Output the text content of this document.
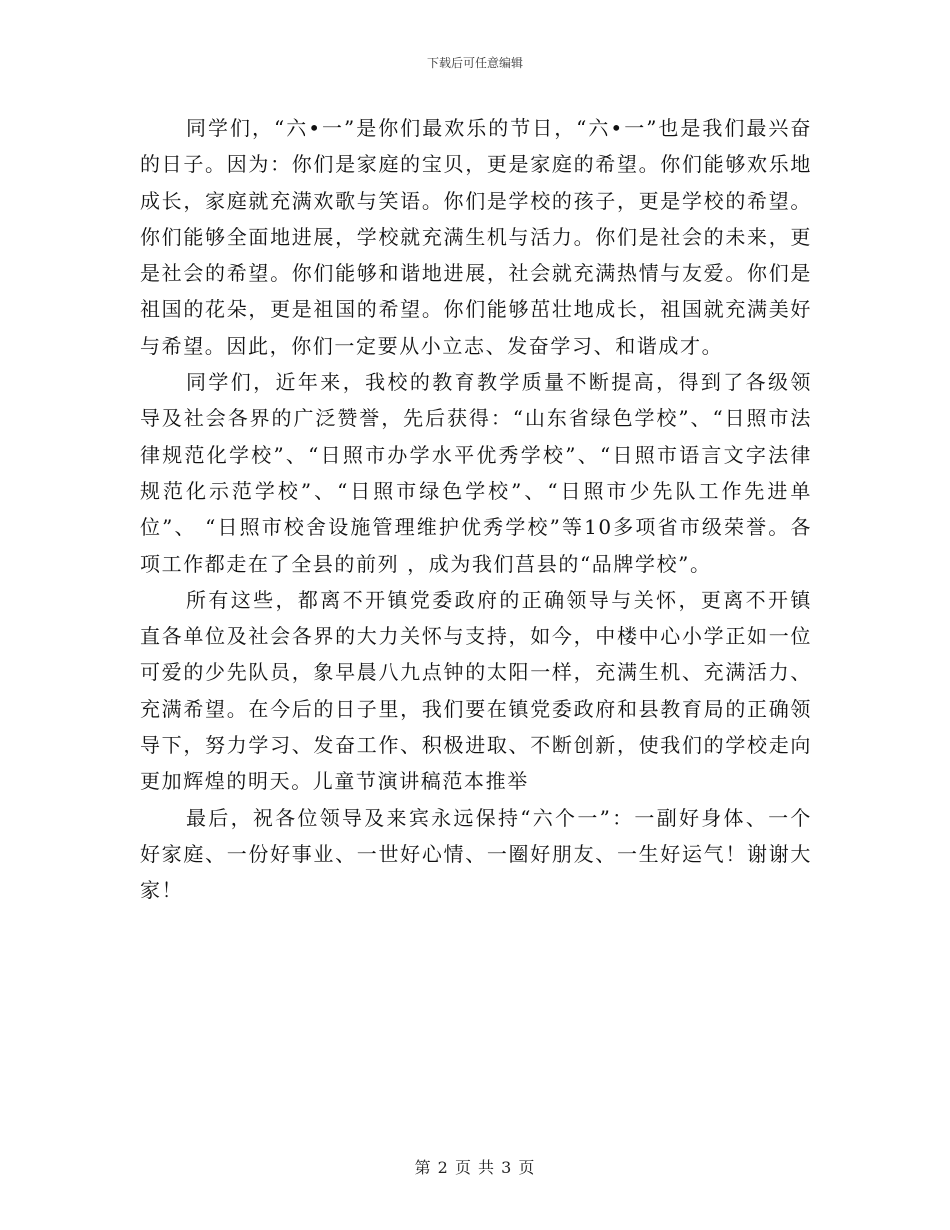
下载后可任意编辑

同学们，“六•一”是你们最欢乐的节日，“六•一”也是我们最兴奋的日子。因为：你们是家庭的宝贝，更是家庭的希望。你们能够欢乐地成长，家庭就充满欢歌与笑语。你们是学校的孩子，更是学校的希望。你们能够全面地进展，学校就充满生机与活力。你们是社会的未来，更是社会的希望。你们能够和谐地进展，社会就充满热情与友爱。你们是祖国的花朵，更是祖国的希望。你们能够茁壮地成长，祖国就充满美好与希望。因此，你们一定要从小立志、发奋学习、和谐成才。

同学们，近年来，我校的教育教学质量不断提高，得到了各级领导及社会各界的广泛赞誉，先后获得：“山东省绿色学校”、“日照市法律规范化学校”、“日照市办学水平优秀学校”、“日照市语言文字法律规范化示范学校”、“日照市绿色学校”、“日照市少先队工作先进单位”、 “日照市校舍设施管理维护优秀学校”等10多项省市级荣誉。各项工作都走在了全县的前列 ，成为我们莒县的“品牌学校”。

所有这些，都离不开镇党委政府的正确领导与关怀，更离不开镇直各单位及社会各界的大力关怀与支持，如今，中楼中心小学正如一位可爱的少先队员，象早晨八九点钟的太阳一样，充满生机、充满活力、充满希望。在今后的日子里，我们要在镇党委政府和县教育局的正确领导下，努力学习、发奋工作、积极进取、不断创新，使我们的学校走向更加辉煌的明天。儿童节演讲稿范本推举

最后，祝各位领导及来宾永远保持“六个一”：一副好身体、一个好家庭、一份好事业、一世好心情、一圈好朋友、一生好运气！谢谢大家！

第 2 页 共 3 页
